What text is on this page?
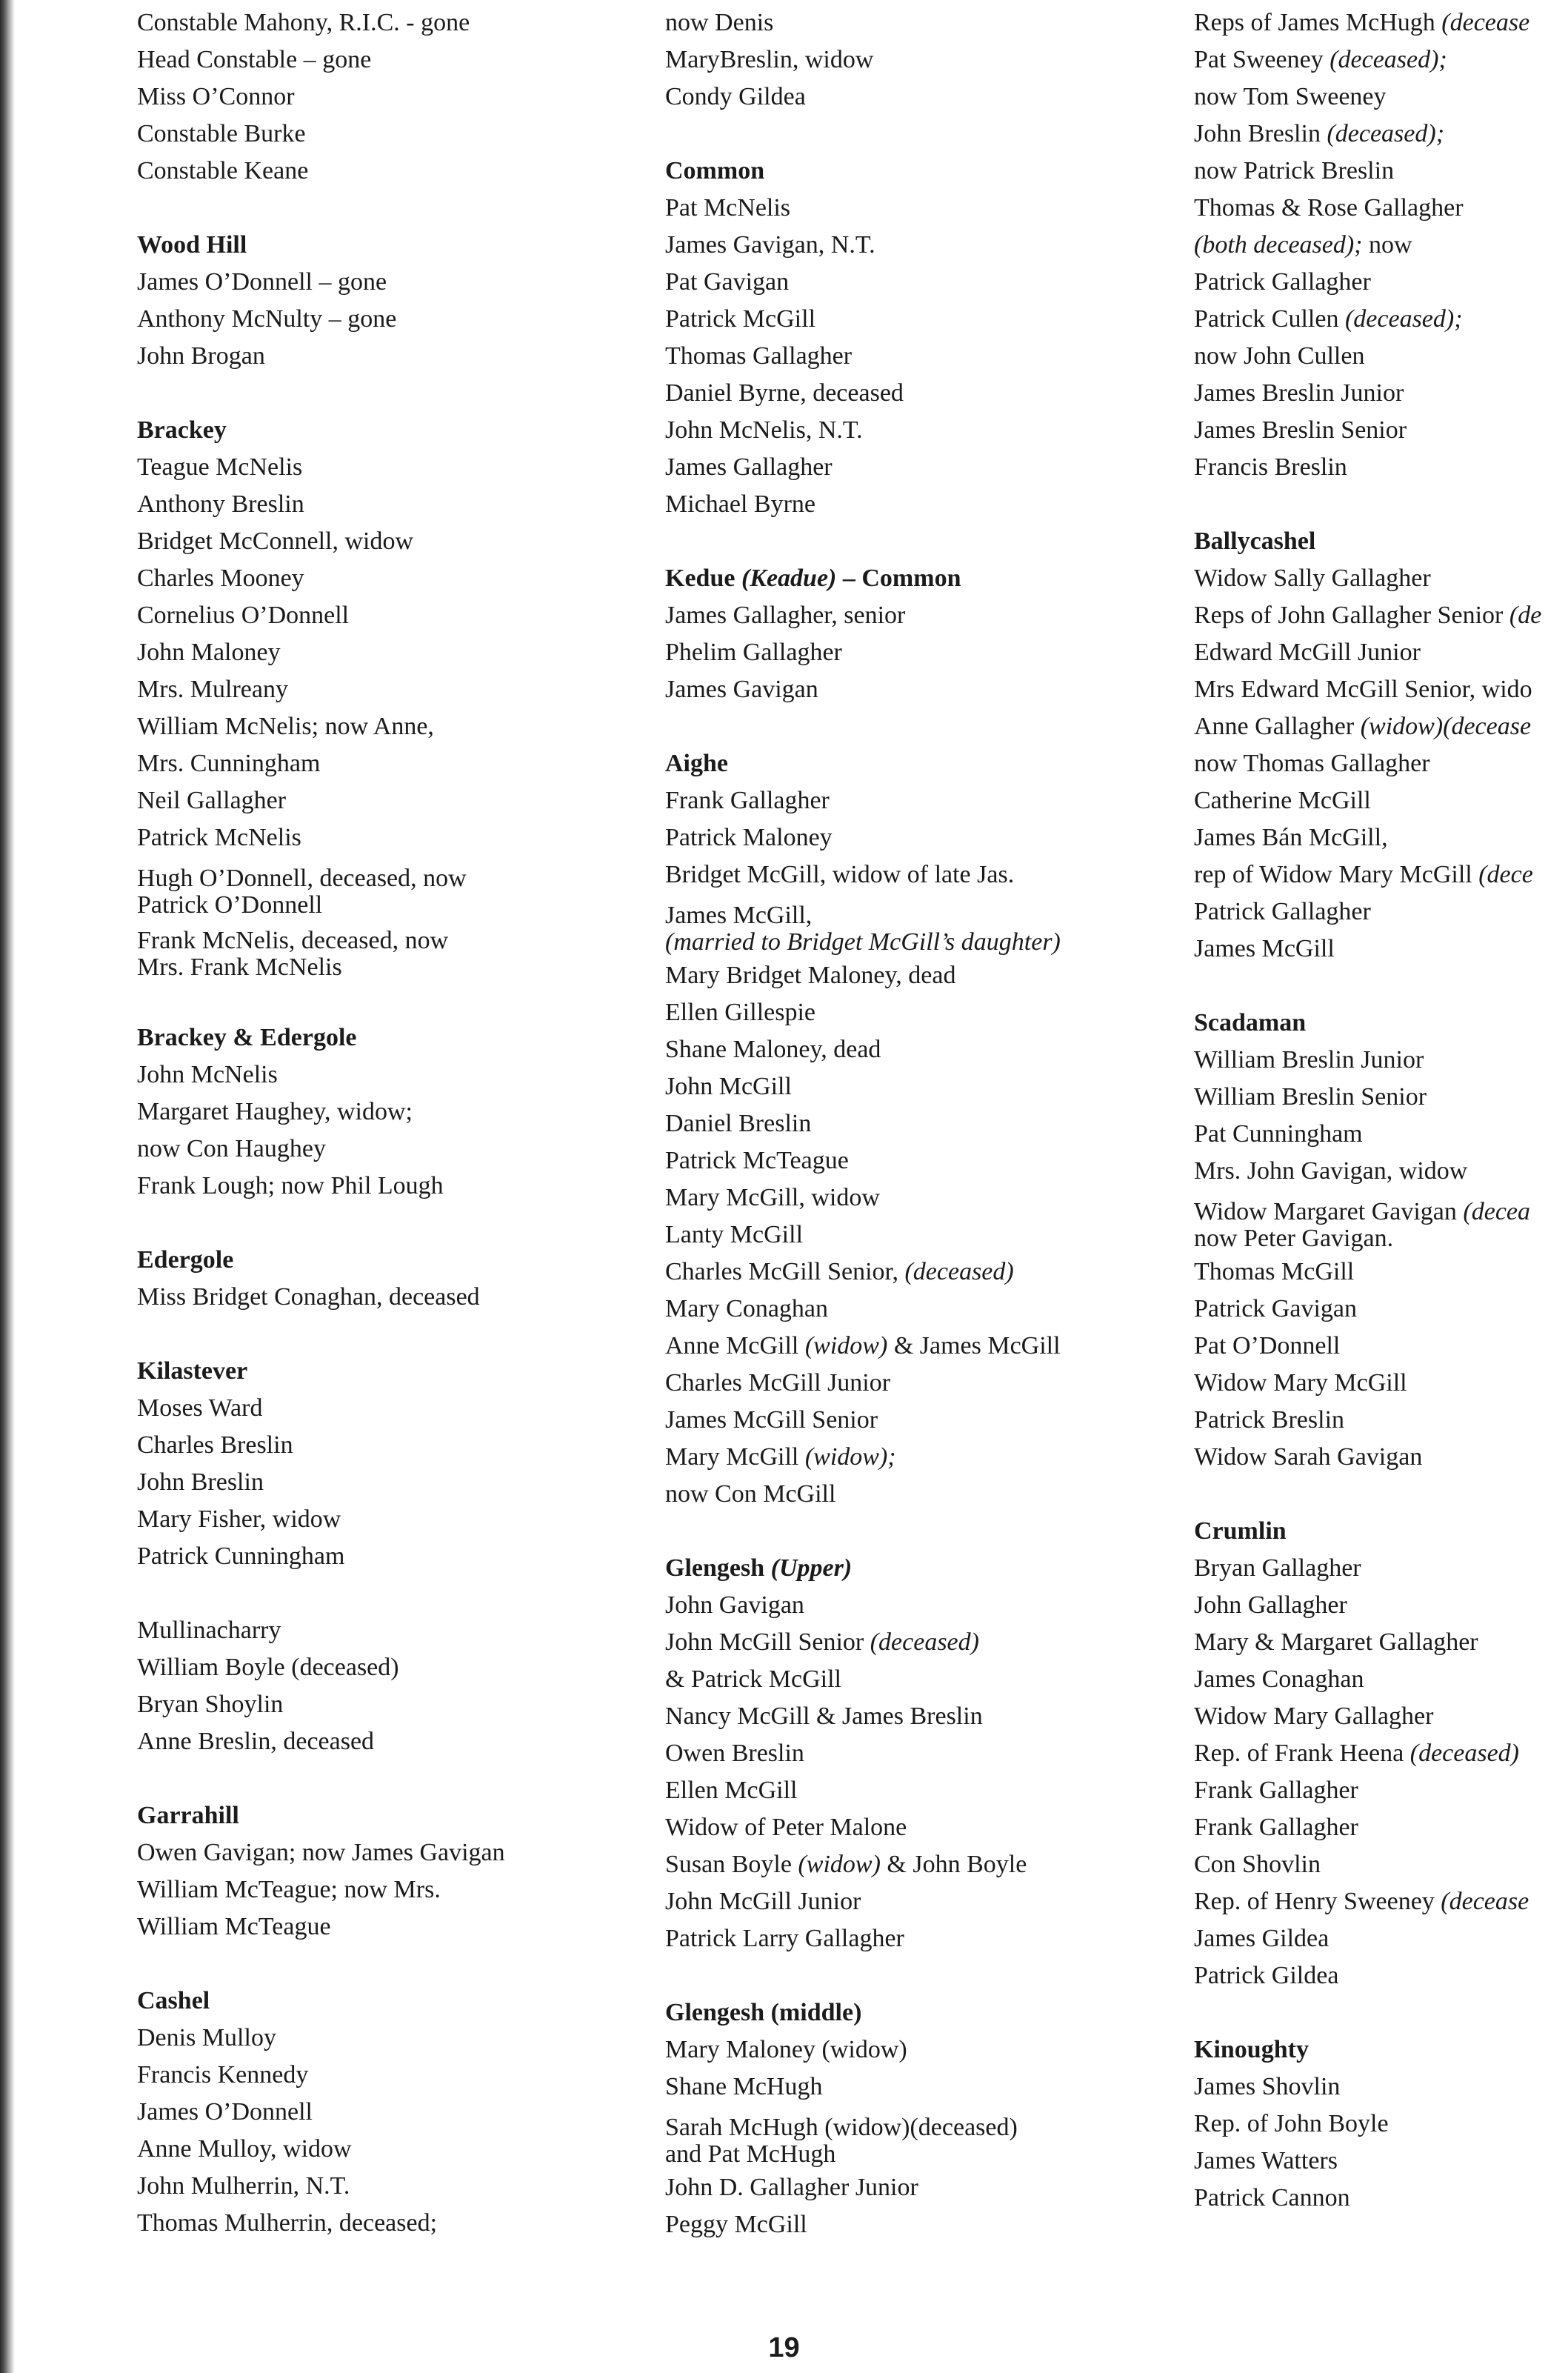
Constable Mahony, R.I.C. - gone
Head Constable – gone
Miss O’Connor
Constable Burke
Constable Keane
Wood Hill
James O’Donnell – gone
Anthony McNulty – gone
John Brogan
Brackey
Teague McNelis
Anthony Breslin
Bridget McConnell, widow
Charles Mooney
Cornelius O’Donnell
John Maloney
Mrs. Mulreany
William McNelis; now Anne,
Mrs. Cunningham
Neil Gallagher
Patrick McNelis
Hugh O’Donnell, deceased, now
Patrick O’Donnell
Frank McNelis, deceased, now
Mrs. Frank McNelis
Brackey & Edergole
John McNelis
Margaret Haughey, widow;
now Con Haughey
Frank Lough; now Phil Lough
Edergole
Miss Bridget Conaghan, deceased
Kilastever
Moses Ward
Charles Breslin
John Breslin
Mary Fisher, widow
Patrick Cunningham
Mullinacharry
William Boyle (deceased)
Bryan Shoylin
Anne Breslin, deceased
Garrahill
Owen Gavigan; now James Gavigan
William McTeague; now Mrs.
William McTeague
Cashel
Denis Mulloy
Francis Kennedy
James O’Donnell
Anne Mulloy, widow
John Mulherrin, N.T.
Thomas Mulherrin, deceased;
now Denis
MaryBreslin, widow
Condy Gildea
Common
Pat McNelis
James Gavigan, N.T.
Pat Gavigan
Patrick McGill
Thomas Gallagher
Daniel Byrne, deceased
John McNelis, N.T.
James Gallagher
Michael Byrne
Kedue (Keadue) – Common
James Gallagher, senior
Phelim Gallagher
James Gavigan
Aighe
Frank Gallagher
Patrick Maloney
Bridget McGill, widow of late Jas.
James McGill,
(married to Bridget McGill’s daughter)
Mary Bridget Maloney, dead
Ellen Gillespie
Shane Maloney, dead
John McGill
Daniel Breslin
Patrick McTeague
Mary McGill, widow
Lanty McGill
Charles McGill Senior, (deceased)
Mary Conaghan
Anne McGill (widow) & James McGill
Charles McGill Junior
James McGill Senior
Mary McGill (widow);
now Con McGill
Glengesh (Upper)
John Gavigan
John McGill Senior (deceased)
& Patrick McGill
Nancy McGill & James Breslin
Owen Breslin
Ellen McGill
Widow of Peter Malone
Susan Boyle (widow) & John Boyle
John McGill Junior
Patrick Larry Gallagher
Glengesh (middle)
Mary Maloney (widow)
Shane McHugh
Sarah McHugh (widow)(deceased)
and Pat McHugh
John D. Gallagher Junior
Peggy McGill
Reps of James McHugh (decease
Pat Sweeney (deceased);
now Tom Sweeney
John Breslin (deceased);
now Patrick Breslin
Thomas & Rose Gallagher
(both deceased); now
Patrick Gallagher
Patrick Cullen (deceased);
now John Cullen
James Breslin Junior
James Breslin Senior
Francis Breslin
Ballycashel
Widow Sally Gallagher
Reps of John Gallagher Senior (de
Edward McGill Junior
Mrs Edward McGill Senior, wido
Anne Gallagher (widow)(decease
now Thomas Gallagher
Catherine McGill
James Bán McGill,
rep of Widow Mary McGill (dece
Patrick Gallagher
James McGill
Scadaman
William Breslin Junior
William Breslin Senior
Pat Cunningham
Mrs. John Gavigan, widow
Widow Margaret Gavigan (decea
now Peter Gavigan.
Thomas McGill
Patrick Gavigan
Pat O’Donnell
Widow Mary McGill
Patrick Breslin
Widow Sarah Gavigan
Crumlin
Bryan Gallagher
John Gallagher
Mary & Margaret Gallagher
James Conaghan
Widow Mary Gallagher
Rep. of Frank Heena (deceased)
Frank Gallagher
Frank Gallagher
Con Shovlin
Rep. of Henry Sweeney (decease
James Gildea
Patrick Gildea
Kinoughty
James Shovlin
Rep. of John Boyle
James Watters
Patrick Cannon
19
